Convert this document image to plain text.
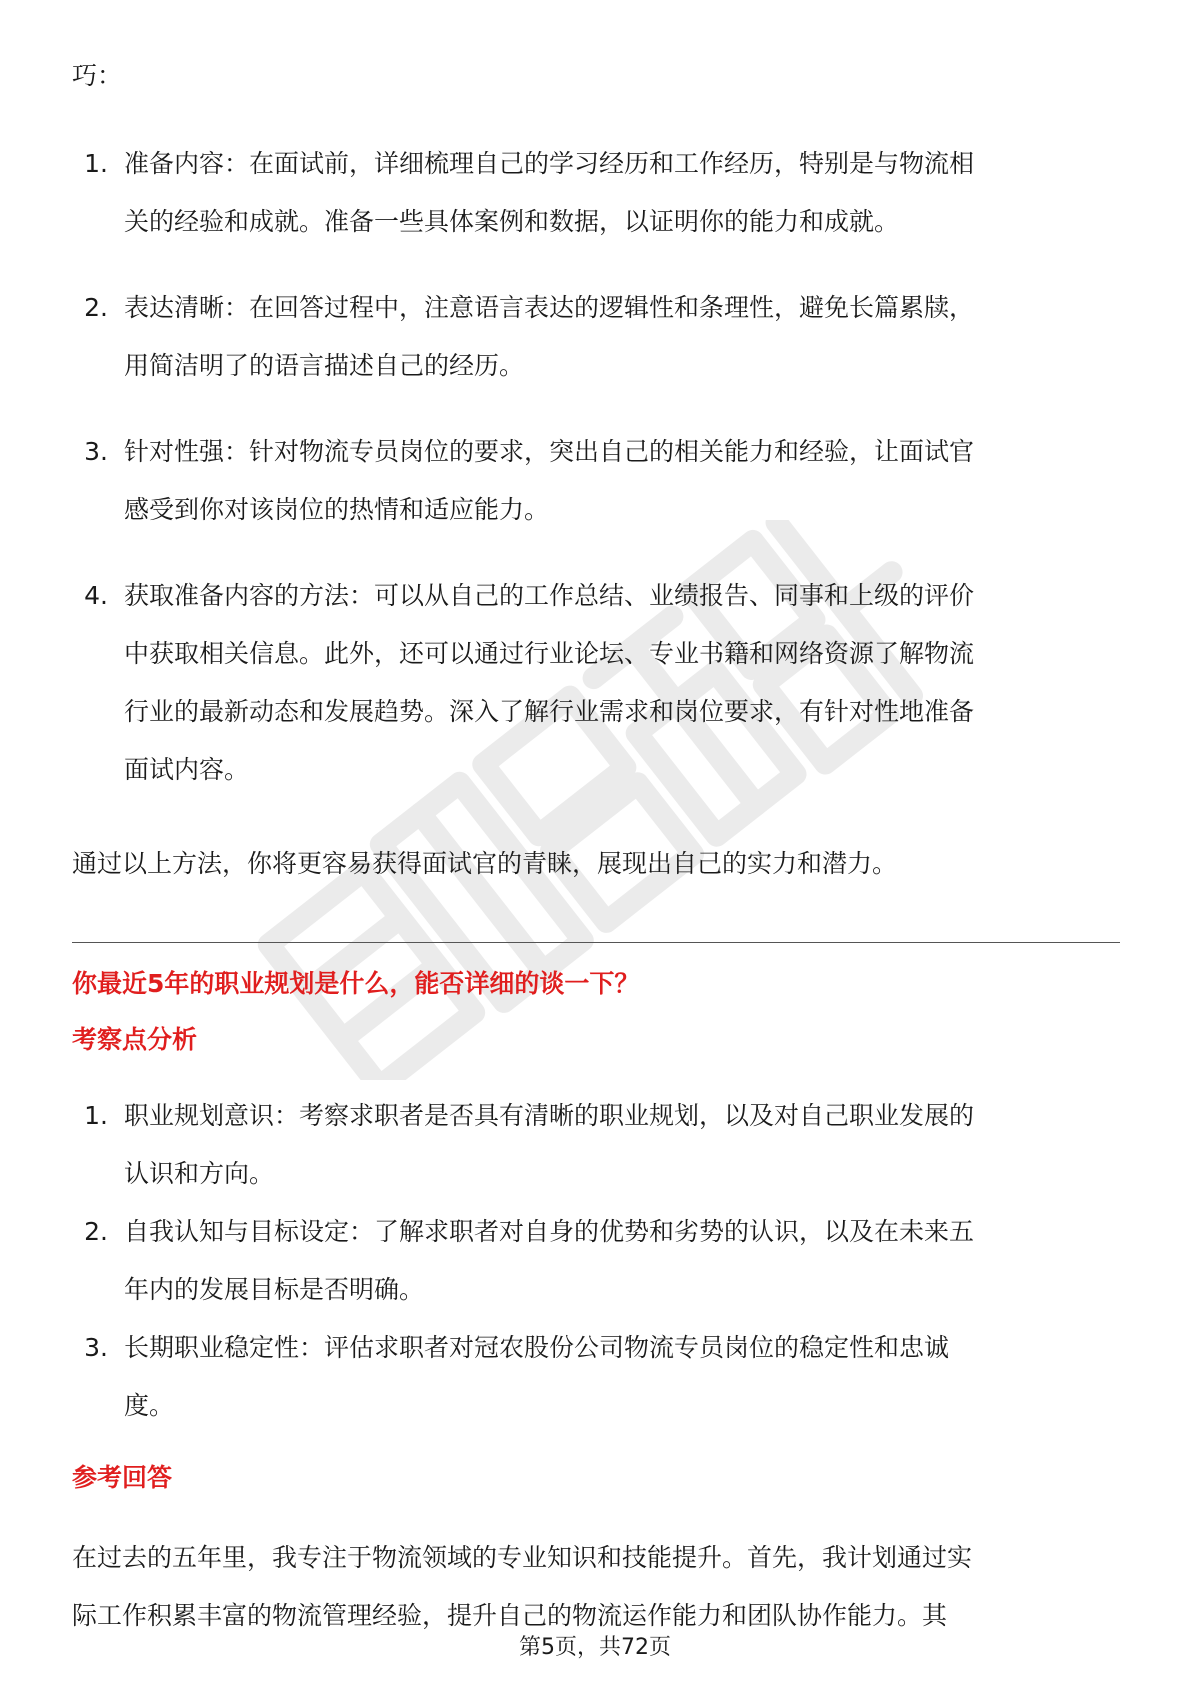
巧：
1. 准备内容：在面试前，详细梳理自己的学习经历和工作经历，特别是与物流相
关的经验和成就。准备一些具体案例和数据，以证明你的能力和成就。
2. 表达清晰：在回答过程中，注意语言表达的逻辑性和条理性，避免长篇累牍，
用简洁明了的语言描述自己的经历。
3. 针对性强：针对物流专员岗位的要求，突出自己的相关能力和经验，让面试官
感受到你对该岗位的热情和适应能力。
4. 获取准备内容的方法：可以从自己的工作总结、业绩报告、同事和上级的评价
中获取相关信息。此外，还可以通过行业论坛、专业书籍和网络资源了解物流
行业的最新动态和发展趋势。深入了解行业需求和岗位要求，有针对性地准备
面试内容。
通过以上方法，你将更容易获得面试官的青睐，展现出自己的实力和潜力。
你最近5年的职业规划是什么，能否详细的谈一下？
考察点分析
1. 职业规划意识：考察求职者是否具有清晰的职业规划，以及对自己职业发展的
认识和方向。
2. 自我认知与目标设定：了解求职者对自身的优势和劣势的认识，以及在未来五
年内的发展目标是否明确。
3. 长期职业稳定性：评估求职者对冠农股份公司物流专员岗位的稳定性和忠诚
度。
参考回答
在过去的五年里，我专注于物流领域的专业知识和技能提升。首先，我计划通过实
际工作积累丰富的物流管理经验，提升自己的物流运作能力和团队协作能力。其
第5页，共72页
